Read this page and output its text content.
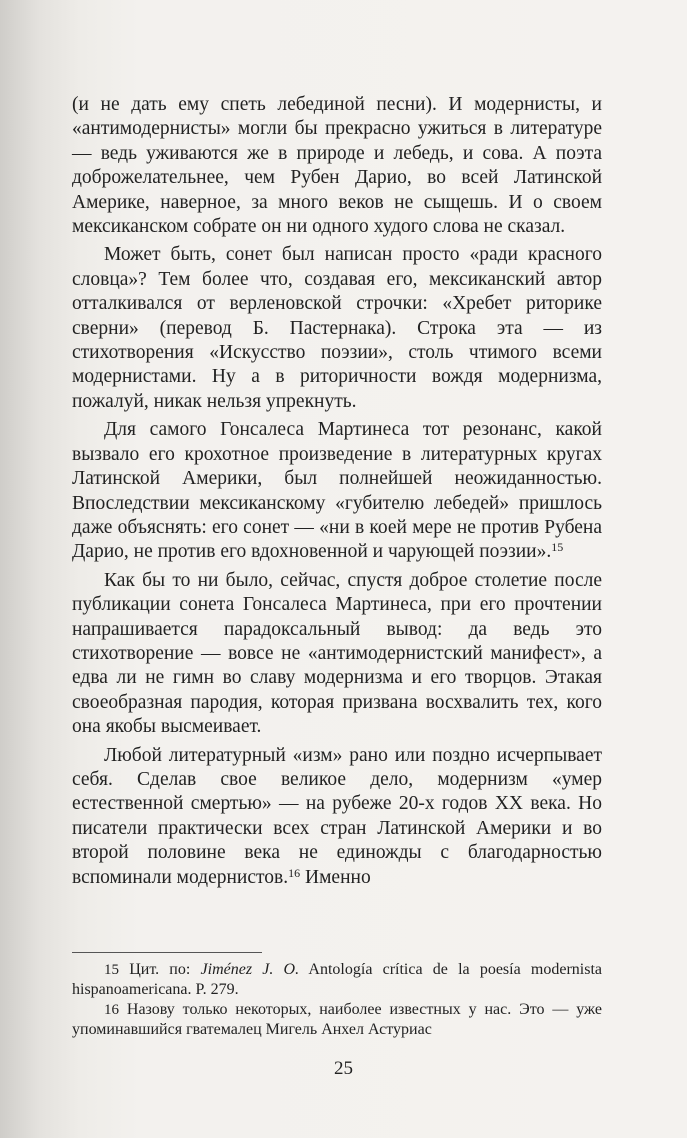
(и не дать ему спеть лебединой песни). И модернисты, и «антимодернисты» могли бы прекрасно ужиться в литературе — ведь уживаются же в природе и лебедь, и сова. А поэта доброжелательнее, чем Рубен Дарио, во всей Латинской Америке, наверное, за много веков не сыщешь. И о своем мексиканском собрате он ни одного худого слова не сказал.

Может быть, сонет был написан просто «ради красного словца»? Тем более что, создавая его, мексиканский автор отталкивался от верленовской строчки: «Хребет риторике сверни» (перевод Б. Пастернака). Строка эта — из стихотворения «Искусство поэзии», столь чтимого всеми модернистами. Ну а в риторичности вождя модернизма, пожалуй, никак нельзя упрекнуть.

Для самого Гонсалеса Мартинеса тот резонанс, какой вызвало его крохотное произведение в литературных кругах Латинской Америки, был полнейшей неожиданностью. Впоследствии мексиканскому «губителю лебедей» пришлось даже объяснять: его сонет — «ни в коей мере не против Рубена Дарио, не против его вдохновенной и чарующей поэзии».$^{15}$

Как бы то ни было, сейчас, спустя доброе столетие после публикации сонета Гонсалеса Мартинеса, при его прочтении напрашивается парадоксальный вывод: да ведь это стихотворение — вовсе не «антимодернистский манифест», а едва ли не гимн во славу модернизма и его творцов. Этакая своеобразная пародия, которая призвана восхвалить тех, кого она якобы высмеивает.

Любой литературный «изм» рано или поздно исчерпывает себя. Сделав свое великое дело, модернизм «умер естественной смертью» — на рубеже 20-х годов XX века. Но писатели практически всех стран Латинской Америки и во второй половине века не единожды с благодарностью вспоминали модернистов.$^{16}$ Именно

15 Цит. по: Jiménez J. O. Antología crítica de la poesía modernista hispanoamericana. P. 279.

16 Назову только некоторых, наиболее известных у нас. Это — уже упоминавшийся гватемалец Мигель Анхел Астуриас

25
